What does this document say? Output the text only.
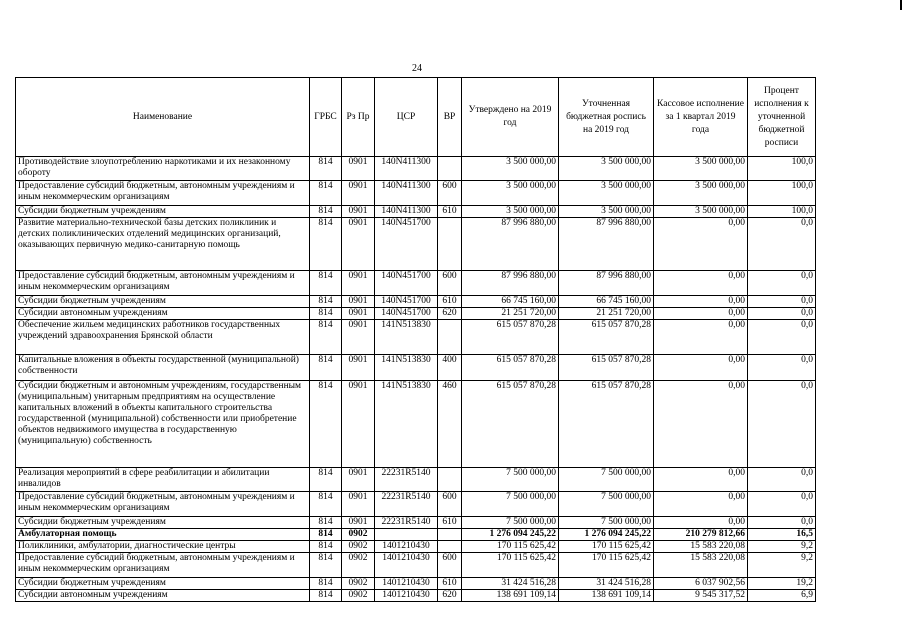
24
Наименование	ГРБС	Рз Пр	ЦСР	ВР	Утверждено на 2019 год	Уточненная бюджетная роспись на 2019 год	Кассовое исполнение за 1 квартал 2019 года	Процент исполнения к уточненной бюджетной росписи
Противодействие злоупотреблению наркотиками и их незаконному обороту	814	0901	140N411300		3 500 000,00	3 500 000,00	3 500 000,00	100,0
Предоставление субсидий бюджетным, автономным учреждениям и иным некоммерческим организациям	814	0901	140N411300	600	3 500 000,00	3 500 000,00	3 500 000,00	100,0
Субсидии бюджетным учреждениям	814	0901	140N411300	610	3 500 000,00	3 500 000,00	3 500 000,00	100,0
Развитие материально-технической базы детских поликлиник и детских поликлинических отделений медицинских организаций, оказывающих первичную медико-санитарную помощь	814	0901	140N451700		87 996 880,00	87 996 880,00	0,00	0,0
Предоставление субсидий бюджетным, автономным учреждениям и иным некоммерческим организациям	814	0901	140N451700	600	87 996 880,00	87 996 880,00	0,00	0,0
Субсидии бюджетным учреждениям	814	0901	140N451700	610	66 745 160,00	66 745 160,00	0,00	0,0
Субсидии автономным учреждениям	814	0901	140N451700	620	21 251 720,00	21 251 720,00	0,00	0,0
Обеспечение жильем медицинских работников государственных учреждений здравоохранения Брянской области	814	0901	141N513830		615 057 870,28	615 057 870,28	0,00	0,0
Капитальные вложения в объекты государственной (муниципальной) собственности	814	0901	141N513830	400	615 057 870,28	615 057 870,28	0,00	0,0
Субсидии бюджетным и автономным учреждениям, государственным (муниципальным) унитарным предприятиям на осуществление капитальных вложений в объекты капитального строительства государственной (муниципальной) собственности или приобретение объектов недвижимого имущества в государственную (муниципальную) собственность	814	0901	141N513830	460	615 057 870,28	615 057 870,28	0,00	0,0
Реализация мероприятий в сфере реабилитации и абилитации инвалидов	814	0901	22231R5140		7 500 000,00	7 500 000,00	0,00	0,0
Предоставление субсидий бюджетным, автономным учреждениям и иным некоммерческим организациям	814	0901	22231R5140	600	7 500 000,00	7 500 000,00	0,00	0,0
Субсидии бюджетным учреждениям	814	0901	22231R5140	610	7 500 000,00	7 500 000,00	0,00	0,0
Амбулаторная помощь	814	0902			1 276 094 245,22	1 276 094 245,22	210 279 812,66	16,5
Поликлиники, амбулатории, диагностические центры	814	0902	1401210430		170 115 625,42	170 115 625,42	15 583 220,08	9,2
Предоставление субсидий бюджетным, автономным учреждениям и иным некоммерческим организациям	814	0902	1401210430	600	170 115 625,42	170 115 625,42	15 583 220,08	9,2
Субсидии бюджетным учреждениям	814	0902	1401210430	610	31 424 516,28	31 424 516,28	6 037 902,56	19,2
Субсидии автономным учреждениям	814	0902	1401210430	620	138 691 109,14	138 691 109,14	9 545 317,52	6,9
